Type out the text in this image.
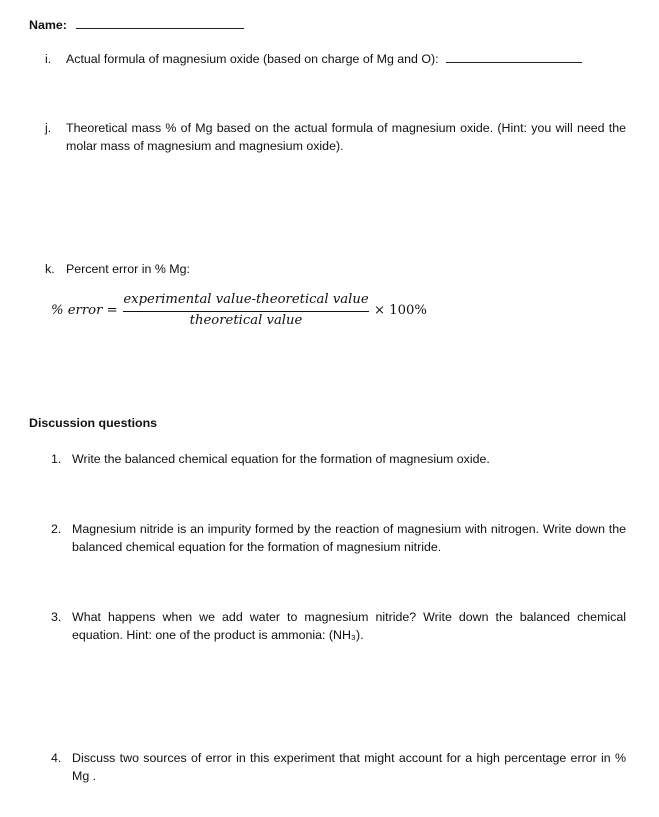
Name:
i. Actual formula of magnesium oxide (based on charge of Mg and O):
j. Theoretical mass % of Mg based on the actual formula of magnesium oxide. (Hint: you will need the molar mass of magnesium and magnesium oxide).
k. Percent error in % Mg:
% error =
experimental value-theoretical value
theoretical value
× 100%
Discussion questions
1. Write the balanced chemical equation for the formation of magnesium oxide.
2. Magnesium nitride is an impurity formed by the reaction of magnesium with nitrogen. Write down the balanced chemical equation for the formation of magnesium nitride.
3. What happens when we add water to magnesium nitride? Write down the balanced chemical equation. Hint: one of the product is ammonia: (NH₃).
4. Discuss two sources of error in this experiment that might account for a high percentage error in % Mg .
